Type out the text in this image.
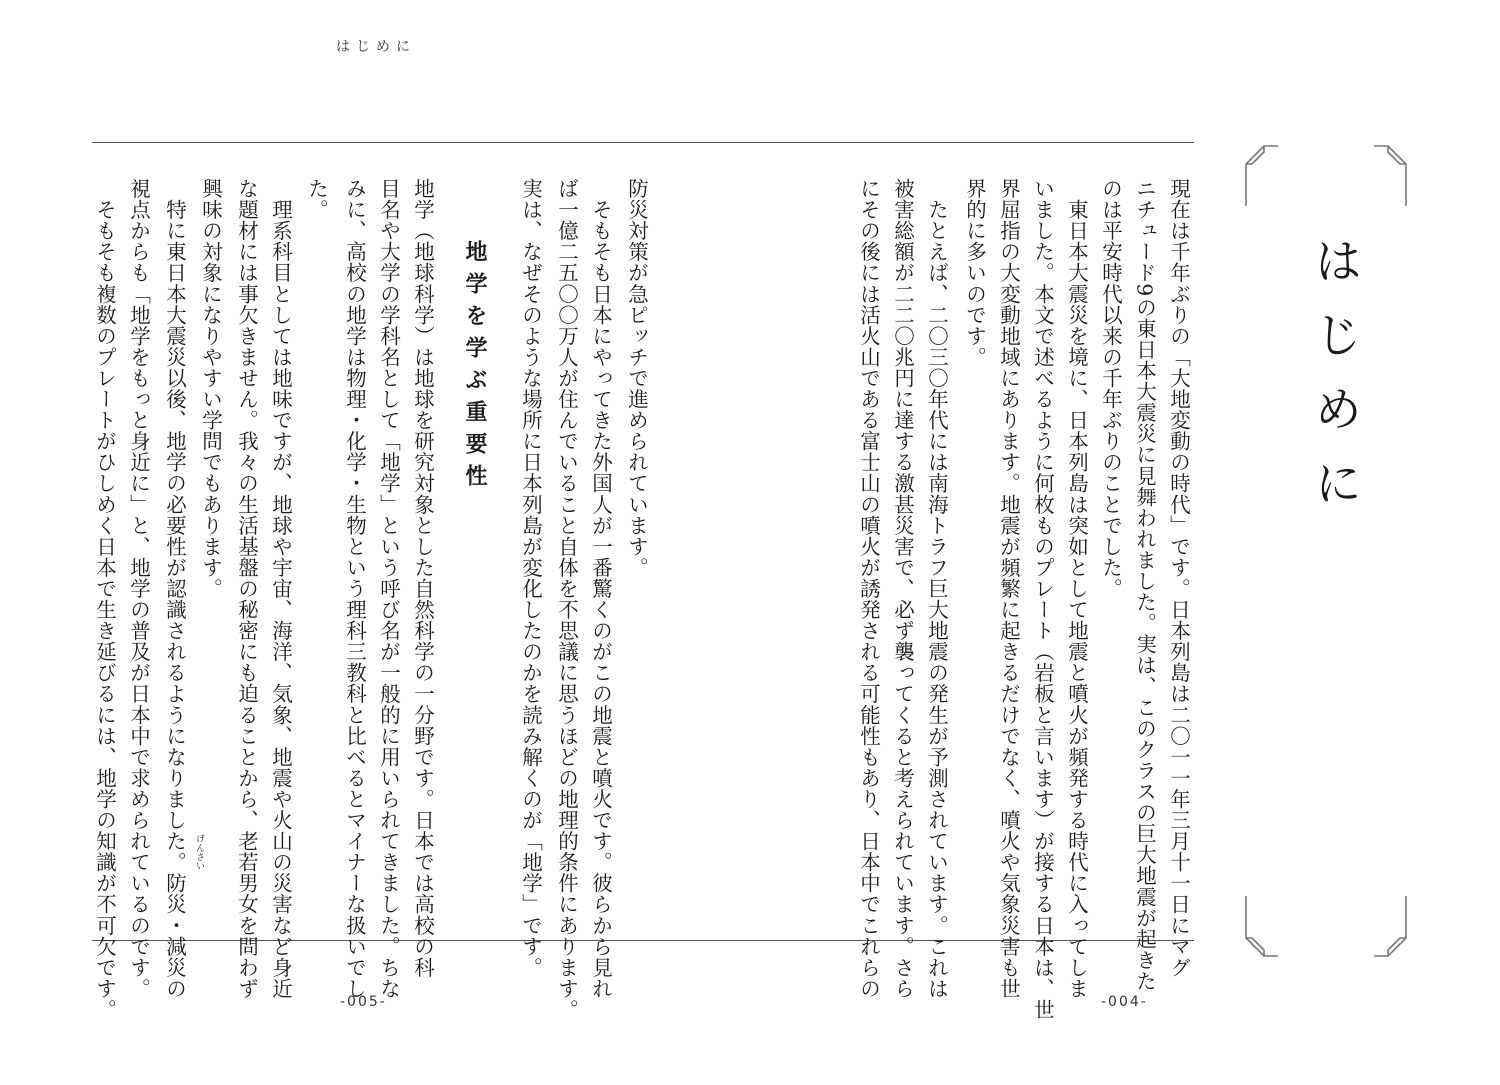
はじめに
現在は千年ぶりの「大地変動の時代」です。日本列島は二〇一一年三月十一日にマグ
ニチュード9の東日本大震災に見舞われました。実は、このクラスの巨大地震が起きた
のは平安時代以来の千年ぶりのことでした。
　東日本大震災を境に、日本列島は突如として地震と噴火が頻発する時代に入ってしま
いました。本文で述べるように何枚ものプレート（岩板と言います）が接する日本は、世
界屈指の大変動地域にあります。地震が頻繁に起きるだけでなく、噴火や気象災害も世
界的に多いのです。
　たとえば、二〇三〇年代には南海トラフ巨大地震の発生が予測されています。これは
被害総額が二二〇兆円に達する激甚災害で、必ず襲ってくると考えられています。さら
にその後には活火山である富士山の噴火が誘発される可能性もあり、日本中でこれらの
防災対策が急ピッチで進められています。
　そもそも日本にやってきた外国人が一番驚くのがこの地震と噴火です。彼らから見れ
ば一億二五〇〇万人が住んでいること自体を不思議に思うほどの地理的条件にあります。
実は、なぜそのような場所に日本列島が変化したのかを読み解くのが「地学」です。
地学を学ぶ重要性
地学（地球科学）は地球を研究対象とした自然科学の一分野です。日本では高校の科
目名や大学の学科名として「地学」という呼び名が一般的に用いられてきました。ちな
みに、高校の地学は物理・化学・生物という理科三教科と比べるとマイナーな扱いでし
た。
　理系科目としては地味ですが、地球や宇宙、海洋、気象、地震や火山の災害など身近
な題材には事欠きません。我々の生活基盤の秘密にも迫ることから、老若男女を問わず
興味の対象になりやすい学問でもあります。
　特に東日本大震災以後、地学の必要性が認識されるようになりました。防災・減災の
視点からも「地学をもっと身近に」と、地学の普及が日本中で求められているのです。
　そもそも複数のプレートがひしめく日本で生き延びるには、地学の知識が不可欠です。	げんさい
はじめに
-005-	-004-
